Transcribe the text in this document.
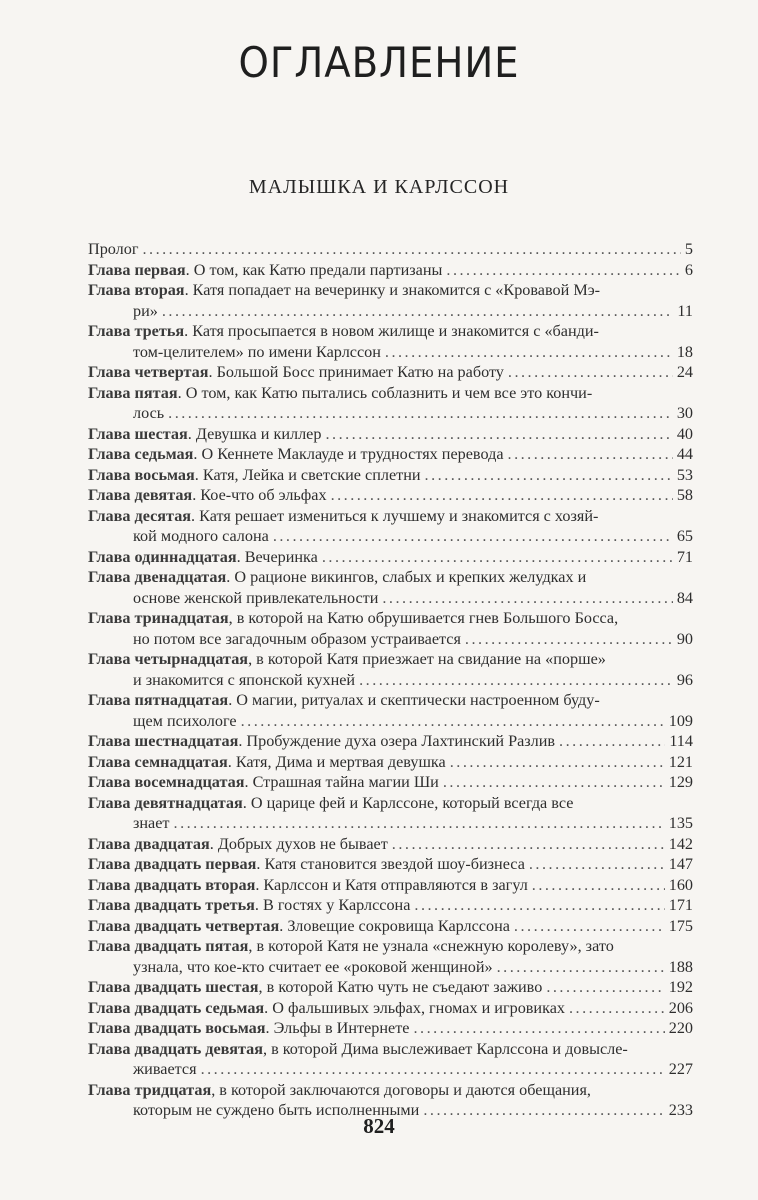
ОГЛАВЛЕНИЕ
МАЛЫШКА И КАРЛССОН
Пролог .....	5
Глава первая. О том, как Катю предали партизаны .....	6
Глава вторая. Катя попадает на вечеринку и знакомится с «Кровавой Мэ-
ри» .....	11
Глава третья. Катя просыпается в новом жилище и знакомится с «банди-
том-целителем» по имени Карлссон .....	18
Глава четвертая. Большой Босс принимает Катю на работу .....	24
Глава пятая. О том, как Катю пытались соблазнить и чем все это кончи-
лось .....	30
Глава шестая. Девушка и киллер .....	40
Глава седьмая. О Кеннете Маклауде и трудностях перевода .....	44
Глава восьмая. Катя, Лейка и светские сплетни .....	53
Глава девятая. Кое-что об эльфах .....	58
Глава десятая. Катя решает измениться к лучшему и знакомится с хозяй-
кой модного салона .....	65
Глава одиннадцатая. Вечеринка .....	71
Глава двенадцатая. О рационе викингов, слабых и крепких желудках и
основе женской привлекательности .....	84
Глава тринадцатая, в которой на Катю обрушивается гнев Большого Босса,
но потом все загадочным образом устраивается .....	90
Глава четырнадцатая, в которой Катя приезжает на свидание на «порше»
и знакомится с японской кухней .....	96
Глава пятнадцатая. О магии, ритуалах и скептически настроенном буду-
щем психологе .....	109
Глава шестнадцатая. Пробуждение духа озера Лахтинский Разлив .....	114
Глава семнадцатая. Катя, Дима и мертвая девушка .....	121
Глава восемнадцатая. Страшная тайна магии Ши .....	129
Глава девятнадцатая. О царице фей и Карлссоне, который всегда все
знает .....	135
Глава двадцатая. Добрых духов не бывает .....	142
Глава двадцать первая. Катя становится звездой шоу-бизнеса .....	147
Глава двадцать вторая. Карлссон и Катя отправляются в загул .....	160
Глава двадцать третья. В гостях у Карлссона .....	171
Глава двадцать четвертая. Зловещие сокровища Карлссона .....	175
Глава двадцать пятая, в которой Катя не узнала «снежную королеву», зато
узнала, что кое-кто считает ее «роковой женщиной» .....	188
Глава двадцать шестая, в которой Катю чуть не съедают заживо .....	192
Глава двадцать седьмая. О фальшивых эльфах, гномах и игровиках .....	206
Глава двадцать восьмая. Эльфы в Интернете .....	220
Глава двадцать девятая, в которой Дима выслеживает Карлссона и довысле-
живается .....	227
Глава тридцатая, в которой заключаются договоры и даются обещания,
которым не суждено быть исполненными .....	233
824
